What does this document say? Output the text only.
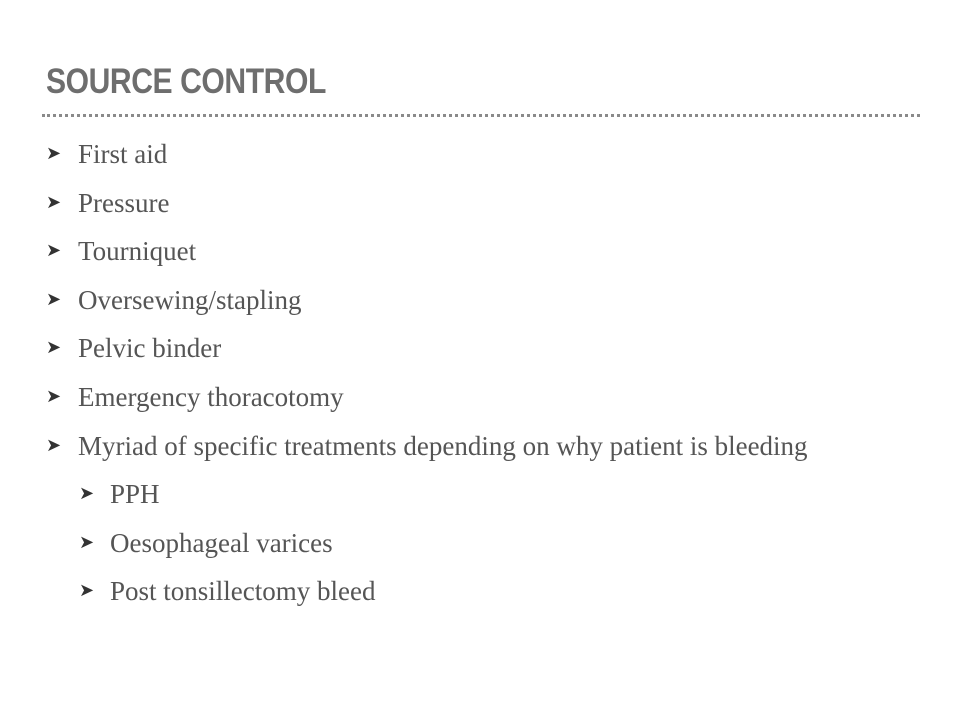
SOURCE CONTROL
➤ First aid
➤ Pressure
➤ Tourniquet
➤ Oversewing/stapling
➤ Pelvic binder
➤ Emergency thoracotomy
➤ Myriad of specific treatments depending on why patient is bleeding
➤ PPH
➤ Oesophageal varices
➤ Post tonsillectomy bleed
